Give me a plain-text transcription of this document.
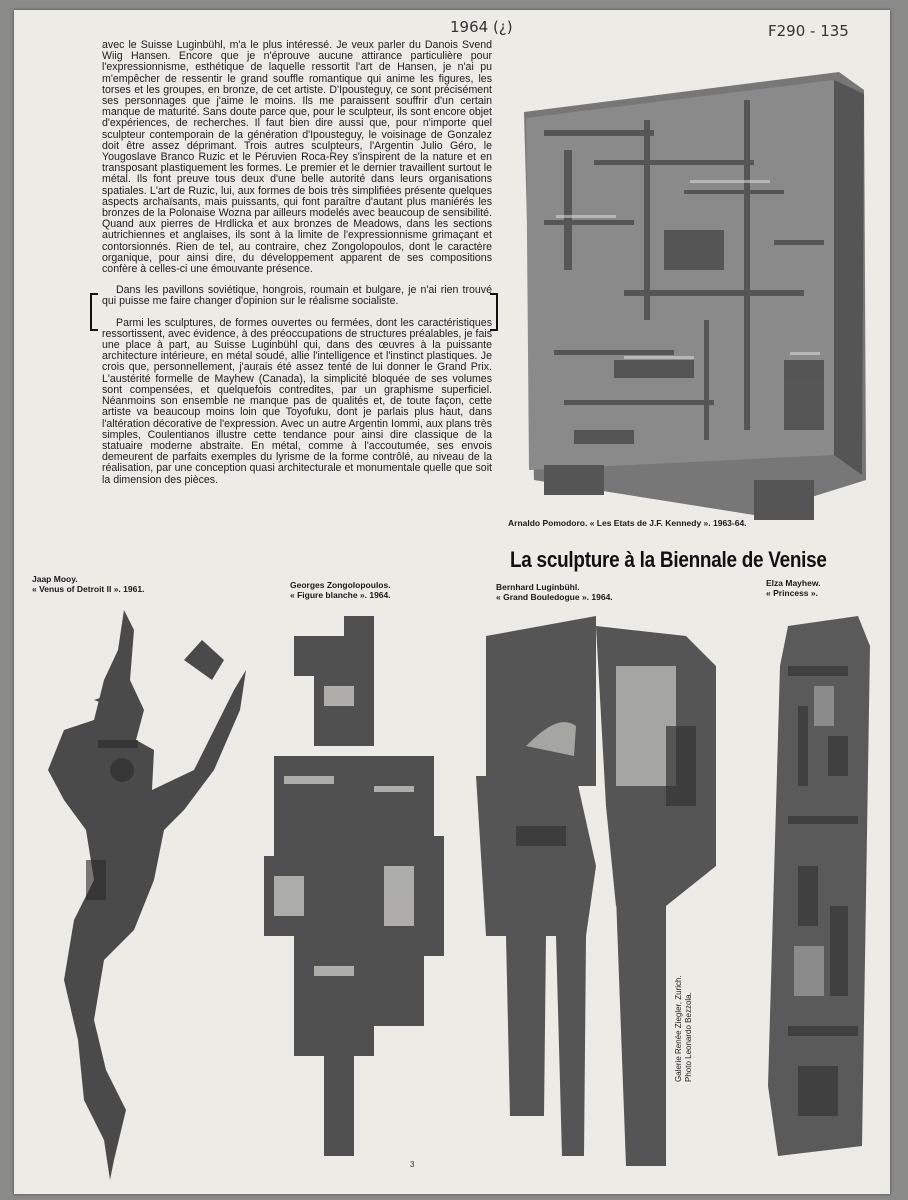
1964 (¿)	F290 - 135

avec le Suisse Luginbühl, m'a le plus intéressé. Je veux parler du Danois Svend Wiig Hansen. Encore que je n'éprouve aucune attirance particulière pour l'expressionnisme, esthétique de laquelle ressortit l'art de Hansen, je n'ai pu m'empêcher de ressentir le grand souffle romantique qui anime les figures, les torses et les groupes, en bronze, de cet artiste. D'Ipousteguy, ce sont précisément ses personnages que j'aime le moins. Ils me paraissent souffrir d'un certain manque de maturité. Sans doute parce que, pour le sculpteur, ils sont encore objet d'expériences, de recherches. Il faut bien dire aussi que, pour n'importe quel sculpteur contemporain de la génération d'Ipousteguy, le voisinage de Gonzalez doit être assez déprimant. Trois autres sculpteurs, l'Argentin Julio Géro, le Yougoslave Branco Ruzic et le Péruvien Roca-Rey s'inspirent de la nature et en transposant plastiquement les formes. Le premier et le dernier travaillent surtout le métal. Ils font preuve tous deux d'une belle autorité dans leurs organisations spatiales. L'art de Ruzic, lui, aux formes de bois très simplifiées présente quelques aspects archaïsants, mais puissants, qui font paraître d'autant plus maniérés les bronzes de la Polonaise Wozna par ailleurs modelés avec beaucoup de sensibilité. Quand aux pierres de Hrdlicka et aux bronzes de Meadows, dans les sections autrichiennes et anglaises, ils sont à la limite de l'expressionnisme grimaçant et contorsionnés. Rien de tel, au contraire, chez Zongolopoulos, dont le caractère organique, pour ainsi dire, du développement apparent de ses compositions confère à celles-ci une émouvante présence.

Dans les pavillons soviétique, hongrois, roumain et bulgare, je n'ai rien trouvé qui puisse me faire changer d'opinion sur le réalisme socialiste.

Parmi les sculptures, de formes ouvertes ou fermées, dont les caractéristiques ressortissent, avec évidence, à des préoccupations de structures préalables, je fais une place à part, au Suisse Luginbühl qui, dans des œuvres à la puissante architecture intérieure, en métal soudé, allie l'intelligence et l'instinct plastiques. Je crois que, personnellement, j'aurais été assez tenté de lui donner le Grand Prix. L'austérité formelle de Mayhew (Canada), la simplicité bloquée de ses volumes sont compensées, et quelquefois contredites, par un graphisme superficiel. Néanmoins son ensemble ne manque pas de qualités et, de toute façon, cette artiste va beaucoup moins loin que Toyofuku, dont je parlais plus haut, dans l'altération décorative de l'expression. Avec un autre Argentin Iommi, aux plans très simples, Coulentianos illustre cette tendance pour ainsi dire classique de la statuaire moderne abstraite. En métal, comme à l'accoutumée, ses envois demeurent de parfaits exemples du lyrisme de la forme contrôlé, au niveau de la réalisation, par une conception quasi architecturale et monumentale quelle que soit la dimension des pièces.

Arnaldo Pomodoro. « Les Etats de J.F. Kennedy ». 1963-64.
La sculpture à la Biennale de Venise
Jaap Mooy.
« Venus of Detroit II ». 1961.	Georges Zongolopoulos.
« Figure blanche ». 1964.
Bernhard Luginbühl.
« Grand Bouledogue ». 1964.
Elza Mayhew.
« Princess ».
Galerie Renée Ziegler, Zurich. Photo Leonardo Bezzola.
3
